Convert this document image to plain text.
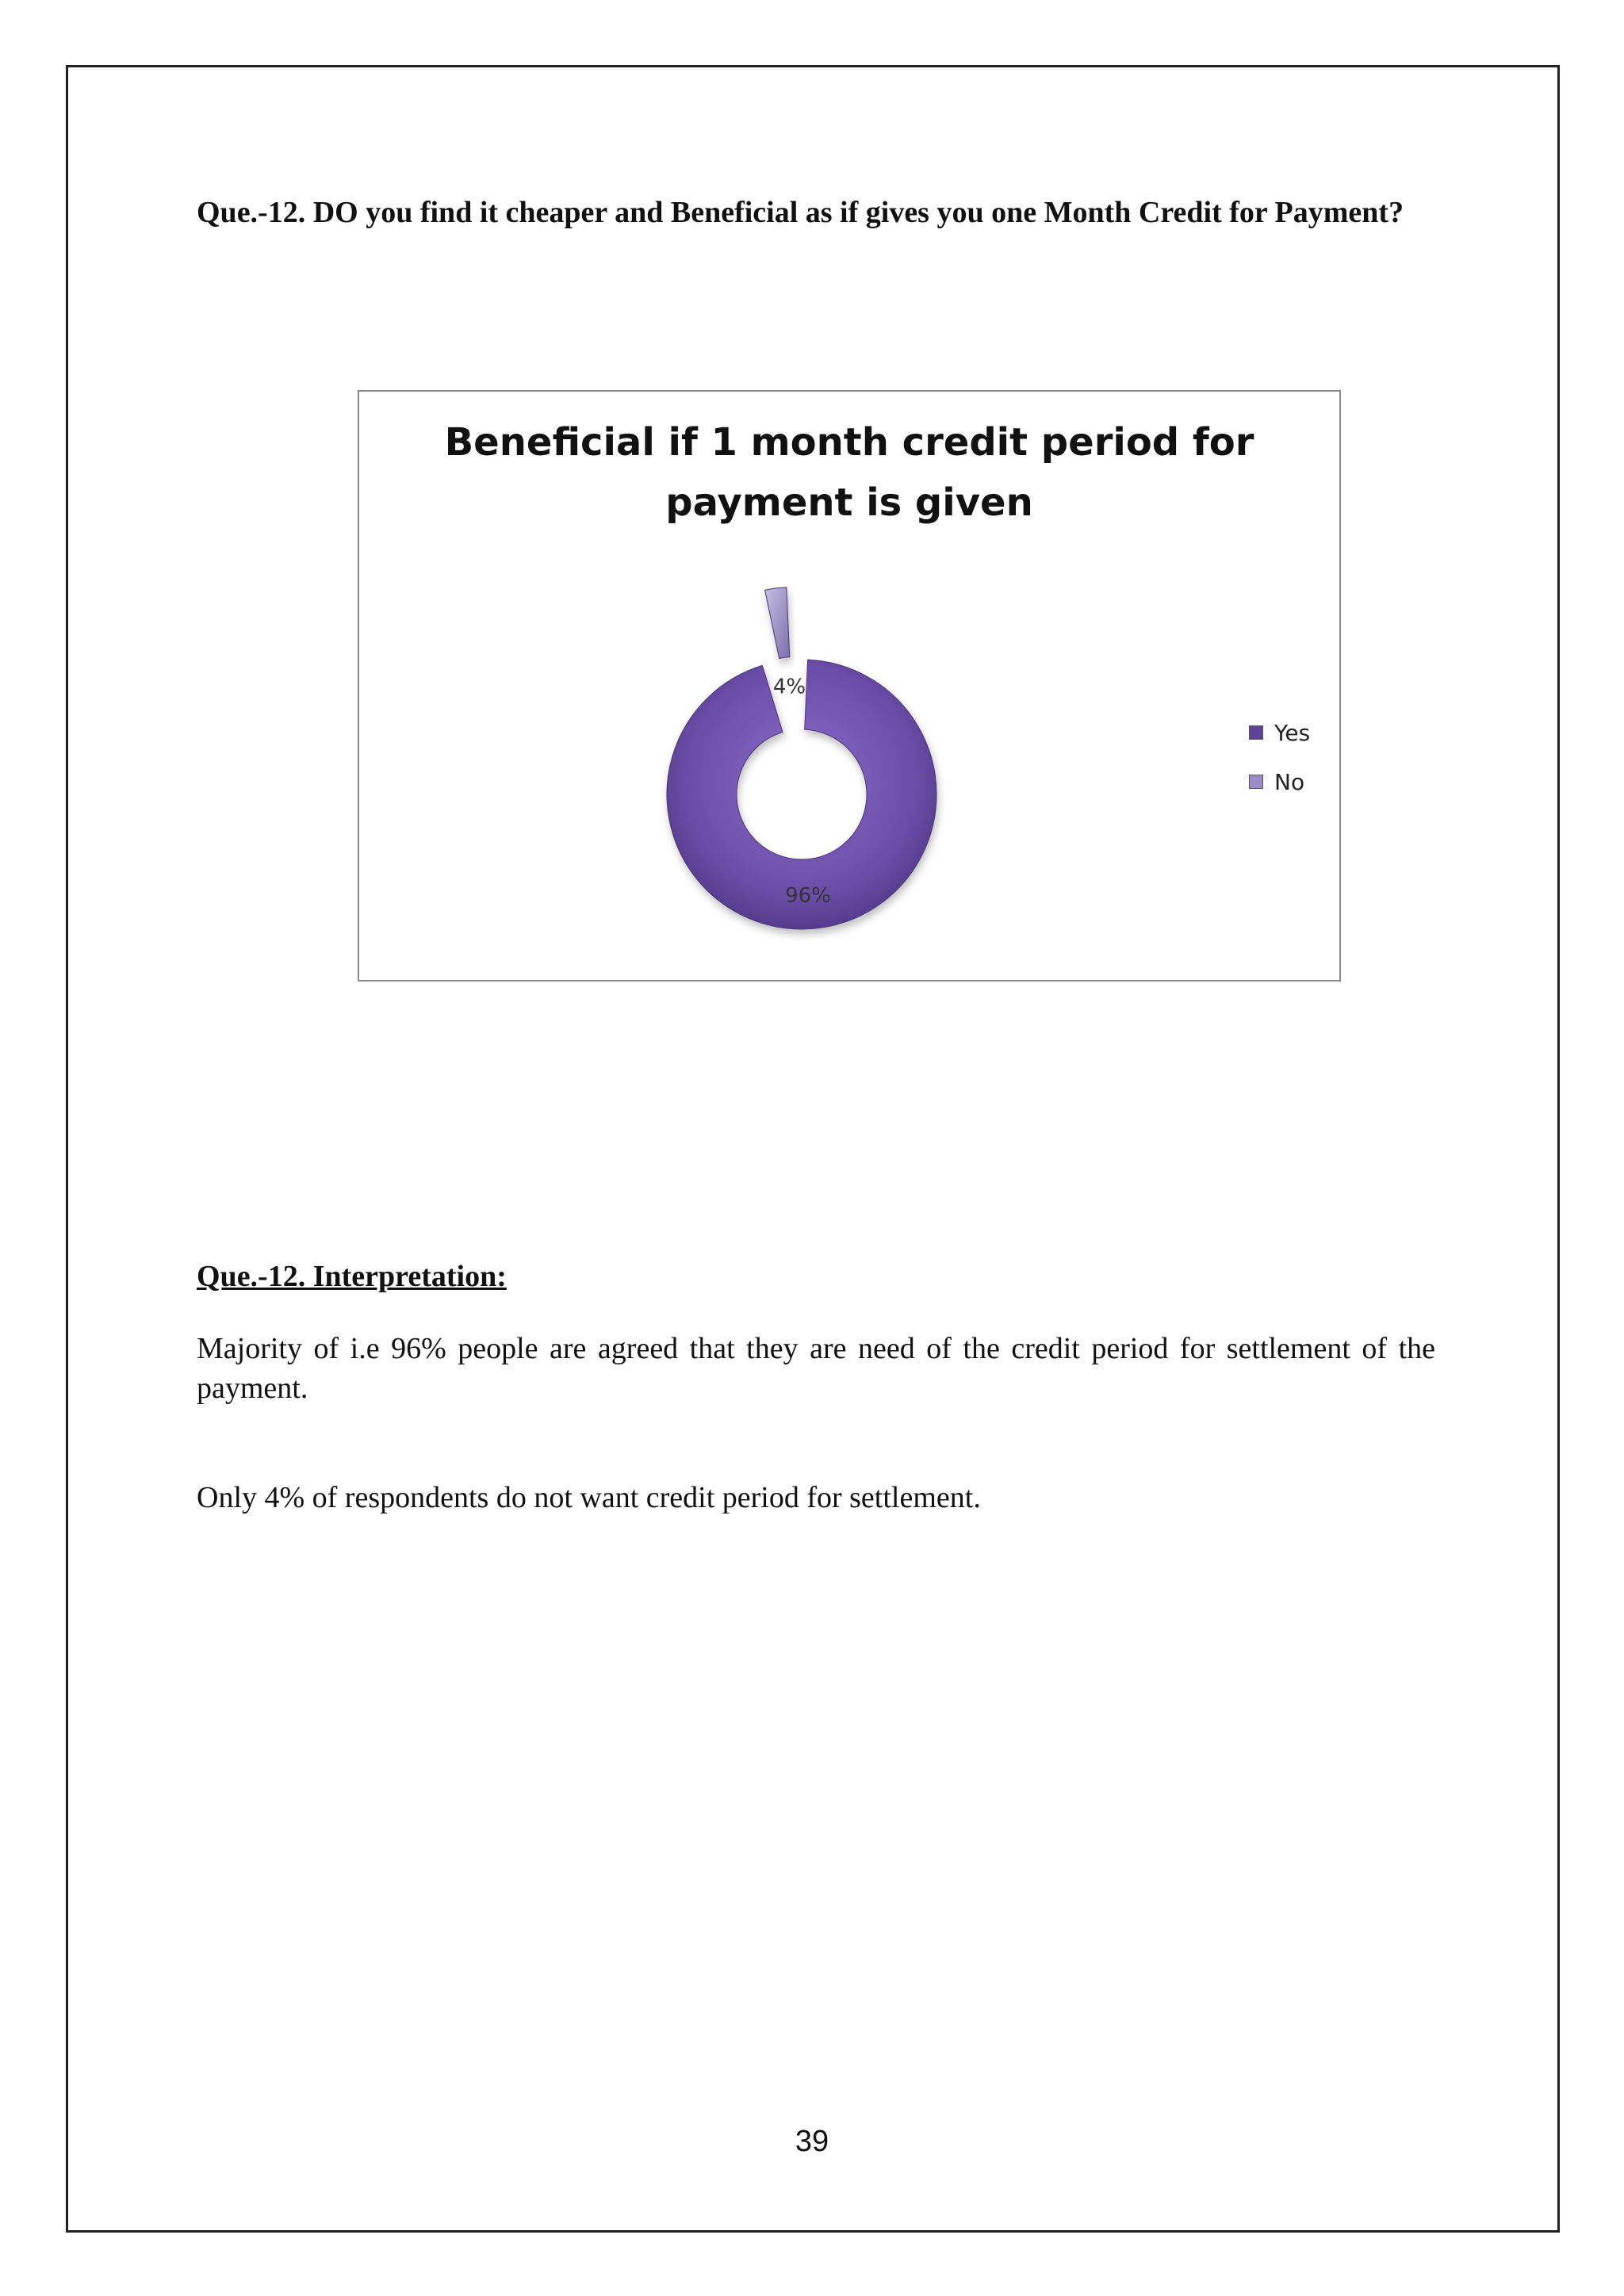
Que.-12. DO you find it cheaper and Beneficial as if gives you one Month Credit for Payment?

Beneficial if 1 month credit period for
payment is given
96%
4%
Yes
No

Que.-12. Interpretation:

Majority of i.e 96% people are agreed that they are need of the credit period for settlement of the payment.

Only 4% of respondents do not want credit period for settlement.

39
